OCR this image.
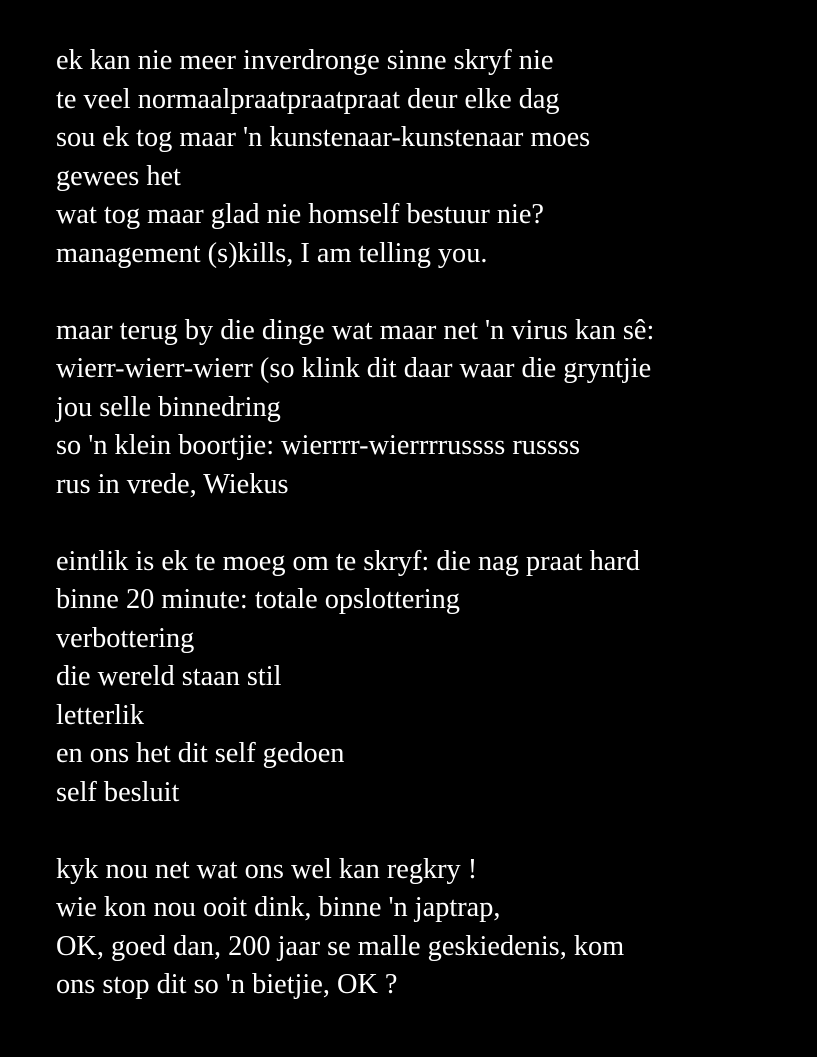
ek kan nie meer inverdronge sinne skryf nie
te veel normaalpraatpraatpraat deur elke dag
sou ek tog maar 'n kunstenaar-kunstenaar moes
gewees het
wat tog maar glad nie homself bestuur nie?
management (s)kills, I am telling you.
maar terug by die dinge wat maar net 'n virus kan sê:
wierr-wierr-wierr (so klink dit daar waar die gryntjie
jou selle binnedring
so 'n klein boortjie: wierrrr-wierrrrussss russss
rus in vrede, Wiekus
eintlik is ek te moeg om te skryf: die nag praat hard
binne 20 minute: totale opslottering
verbottering
die wereld staan stil
letterlik
en ons het dit self gedoen
self besluit
kyk nou net wat ons wel kan regkry !
wie kon nou ooit dink, binne 'n japtrap,
OK, goed dan, 200 jaar se malle geskiedenis, kom
ons stop dit so 'n bietjie, OK ?
